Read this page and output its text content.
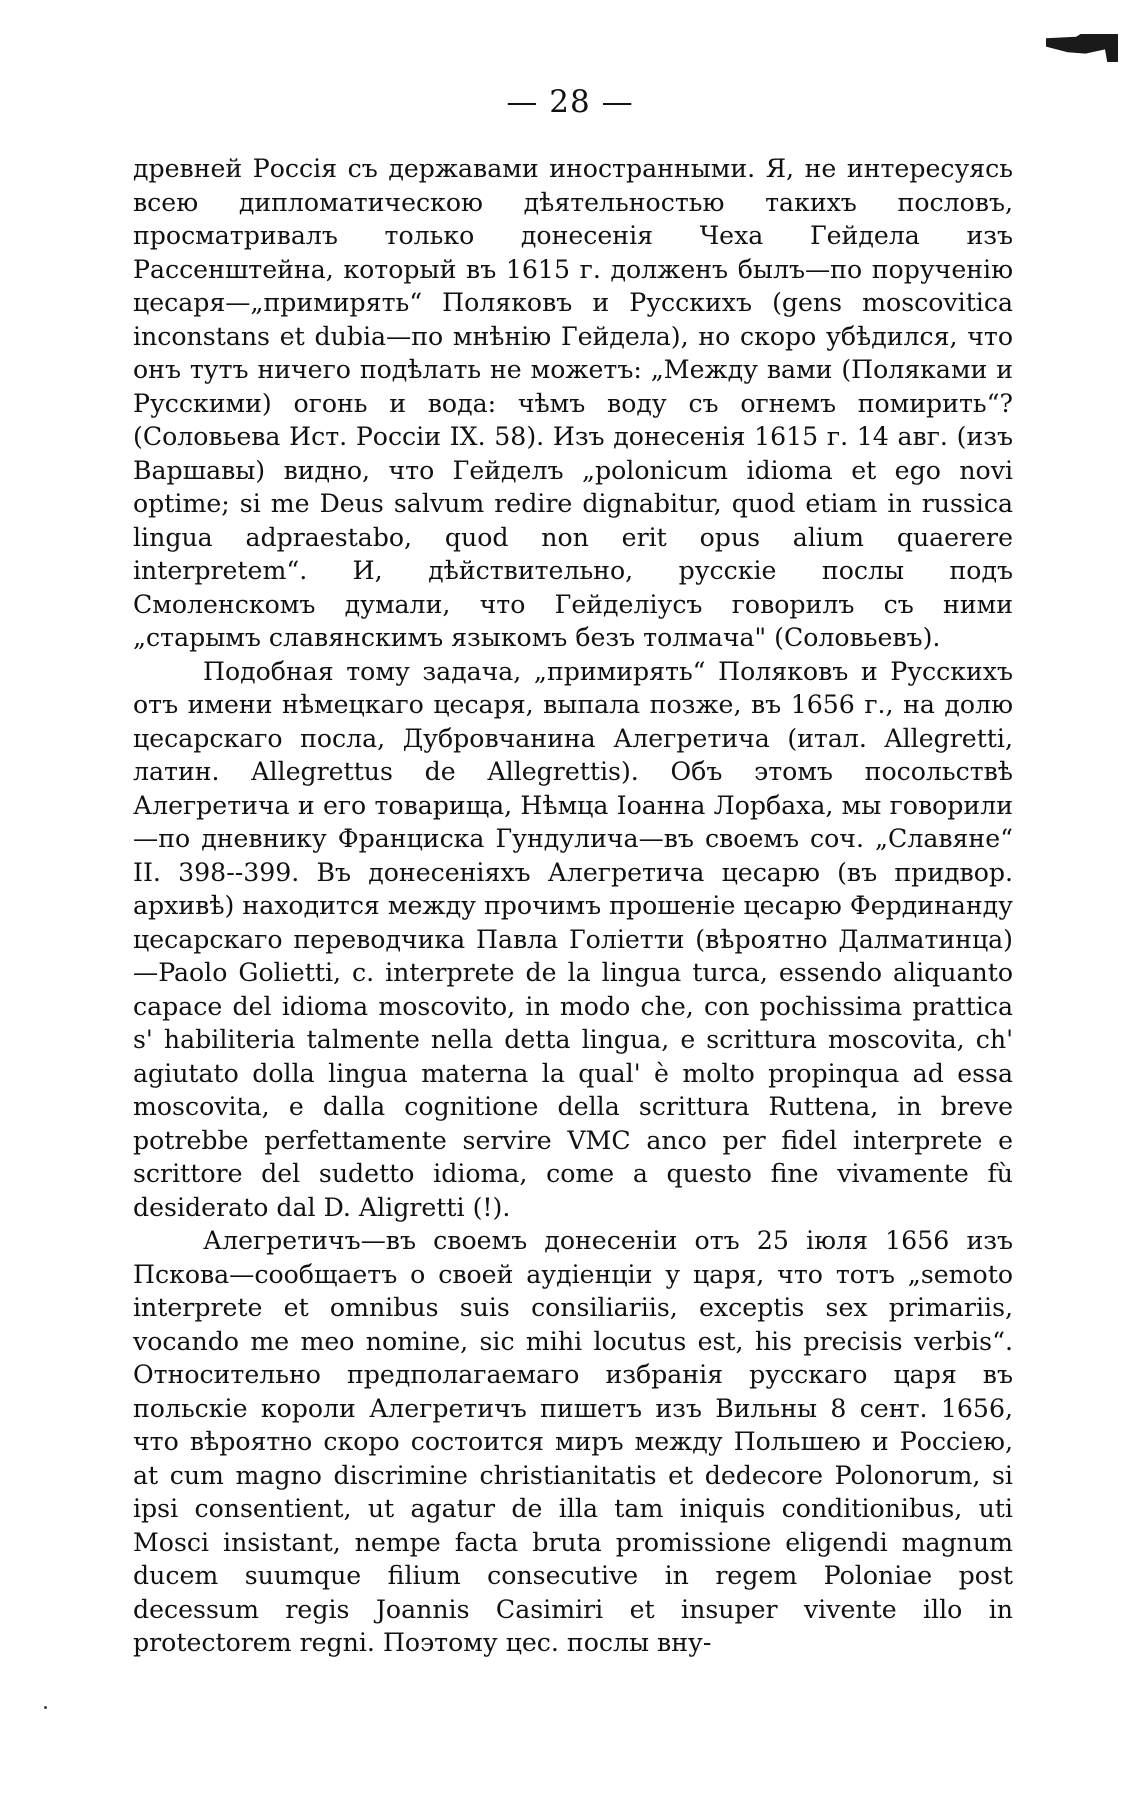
— 28 —

древней Россія съ державами иностранными. Я, не интересуясь всею дипломатическою дѣятельностью такихъ пословъ, просматривалъ только донесенія Чеха Гейдела изъ Рассенштейна, который въ 1615 г. долженъ былъ—по порученію цесаря—„примирять“ Поляковъ и Русскихъ (gens moscovitica inconstans et dubia—по мнѣнію Гейдела), но скоро убѣдился, что онъ тутъ ничего подѣлать не можетъ: „Между вами (Поляками и Русскими) огонь и вода: чѣмъ воду съ огнемъ помирить“? (Соловьева Ист. Россіи IX. 58). Изъ донесенія 1615 г. 14 авг. (изъ Варшавы) видно, что Гейделъ „polonicum idioma et ego novi optime; si me Deus salvum redire dignabitur, quod etiam in russica lingua adpraestabo, quod non erit opus alium quaerere interpretem“. И, дѣйствительно, русскіе послы подъ Смоленскомъ думали, что Гейделіусъ говорилъ съ ними „старымъ славянскимъ языкомъ безъ толмача" (Соловьевъ).

Подобная тому задача, „примирять“ Поляковъ и Русскихъ отъ имени нѣмецкаго цесаря, выпала позже, въ 1656 г., на долю цесарскаго посла, Дубровчанина Алегретича (итал. Allegretti, латин. Allegrettus de Allegrettis). Объ этомъ посольствѣ Алегретича и его товарища, Нѣмца Іоанна Лорбаха, мы говорили—по дневнику Франциска Гундулича—въ своемъ соч. „Славяне“ II. 398--399. Въ донесеніяхъ Алегретича цесарю (въ придвор. архивѣ) находится между прочимъ прошеніе цесарю Фердинанду цесарскаго переводчика Павла Голіетти (вѣроятно Далматинца)—Paolo Golietti, c. interprete de la lingua turca, essendo aliquanto capace del idioma moscovito, in modo che, con pochissima prattica s' habiliteria talmente nella detta lingua, e scrittura moscovita, ch' agiutato dolla lingua materna la qual' è molto propinqua ad essa moscovita, e dalla cognitione della scrittura Ruttena, in breve potrebbe perfettamente servire VMC anco per fidel interprete e scrittore del sudetto idioma, come a questo fine vivamente fù desiderato dal D. Aligretti (!).

Алегретичъ—въ своемъ донесеніи отъ 25 іюля 1656 изъ Пскова—сообщаетъ о своей аудіенціи у царя, что тотъ „semoto interprete et omnibus suis consiliariis, exceptis sex primariis, vocando me meo nomine, sic mihi locutus est, his precisis verbis“. Относительно предполагаемаго избранія русскаго царя въ польскіе короли Алегретичъ пишетъ изъ Вильны 8 сент. 1656, что вѣроятно скоро состоится миръ между Польшею и Россіею, at cum magno discrimine christianitatis et dedecore Polonorum, si ipsi consentient, ut agatur de illa tam iniquis conditionibus, uti Mosci insistant, nempe facta bruta promissione eligendi magnum ducem suumque filium consecutive in regem Poloniae post decessum regis Joannis Casimiri et insuper vivente illo in protectorem regni. Поэтому цес. послы вну-
